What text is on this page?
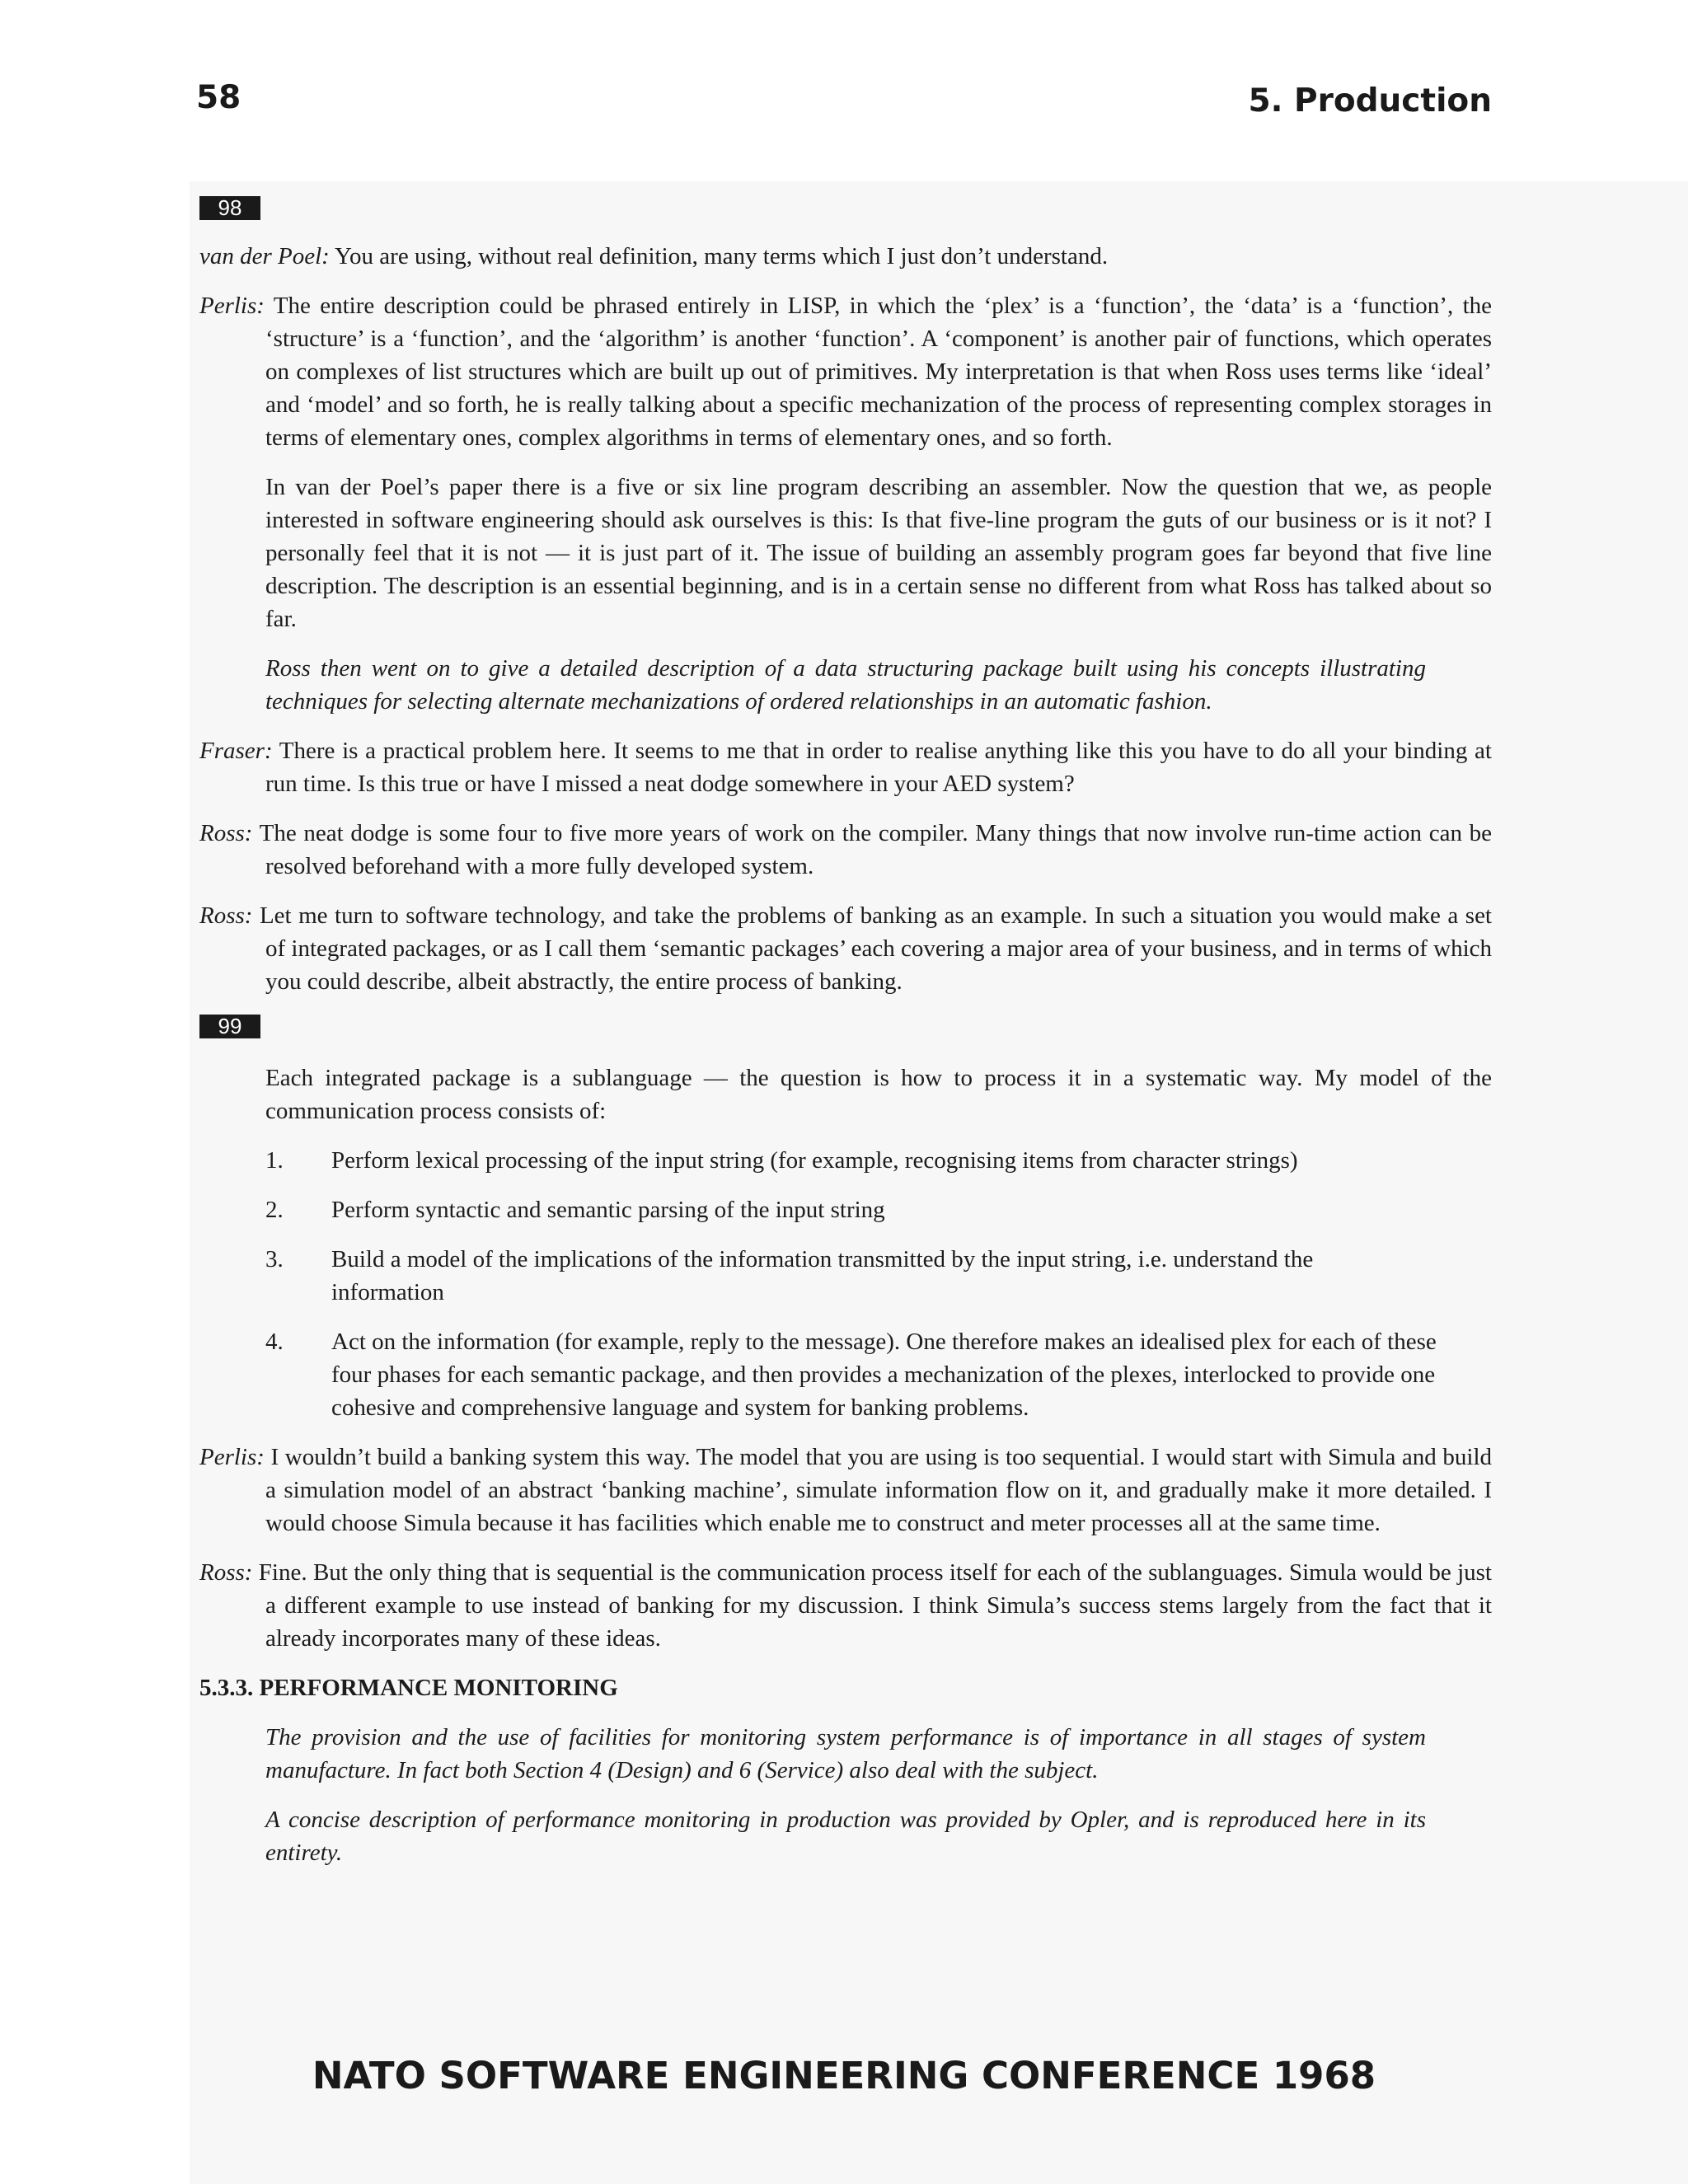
58	5. Production
98

van der Poel: You are using, without real definition, many terms which I just don’t understand.

Perlis: The entire description could be phrased entirely in LISP, in which the ‘plex’ is a ‘function’, the ‘data’ is a ‘function’, the ‘structure’ is a ‘function’, and the ‘algorithm’ is another ‘function’. A ‘component’ is another pair of functions, which operates on complexes of list structures which are built up out of primitives. My interpretation is that when Ross uses terms like ‘ideal’ and ‘model’ and so forth, he is really talking about a specific mechanization of the process of representing complex storages in terms of elementary ones, complex algorithms in terms of elementary ones, and so forth.

In van der Poel’s paper there is a five or six line program describing an assembler. Now the question that we, as people interested in software engineering should ask ourselves is this: Is that five-line program the guts of our business or is it not? I personally feel that it is not — it is just part of it. The issue of building an assembly program goes far beyond that five line description. The description is an essential beginning, and is in a certain sense no different from what Ross has talked about so far.

Ross then went on to give a detailed description of a data structuring package built using his concepts illustrating techniques for selecting alternate mechanizations of ordered relationships in an automatic fashion.

Fraser: There is a practical problem here. It seems to me that in order to realise anything like this you have to do all your binding at run time. Is this true or have I missed a neat dodge somewhere in your AED system?

Ross: The neat dodge is some four to five more years of work on the compiler. Many things that now involve run-time action can be resolved beforehand with a more fully developed system.

Ross: Let me turn to software technology, and take the problems of banking as an example. In such a situation you would make a set of integrated packages, or as I call them ‘semantic packages’ each covering a major area of your business, and in terms of which you could describe, albeit abstractly, the entire process of banking.

99

Each integrated package is a sublanguage — the question is how to process it in a systematic way. My model of the communication process consists of:

1. Perform lexical processing of the input string (for example, recognising items from character strings)
2. Perform syntactic and semantic parsing of the input string
3. Build a model of the implications of the information transmitted by the input string, i.e. understand the information
4. Act on the information (for example, reply to the message). One therefore makes an idealised plex for each of these four phases for each semantic package, and then provides a mechanization of the plexes, interlocked to provide one cohesive and comprehensive language and system for banking problems.

Perlis: I wouldn’t build a banking system this way. The model that you are using is too sequential. I would start with Simula and build a simulation model of an abstract ‘banking machine’, simulate information flow on it, and gradually make it more detailed. I would choose Simula because it has facilities which enable me to construct and meter processes all at the same time.

Ross: Fine. But the only thing that is sequential is the communication process itself for each of the sublanguages. Simula would be just a different example to use instead of banking for my discussion. I think Simula’s success stems largely from the fact that it already incorporates many of these ideas.

5.3.3. PERFORMANCE MONITORING

The provision and the use of facilities for monitoring system performance is of importance in all stages of system manufacture. In fact both Section 4 (Design) and 6 (Service) also deal with the subject.

A concise description of performance monitoring in production was provided by Opler, and is reproduced here in its entirety.

NATO SOFTWARE ENGINEERING CONFERENCE 1968
